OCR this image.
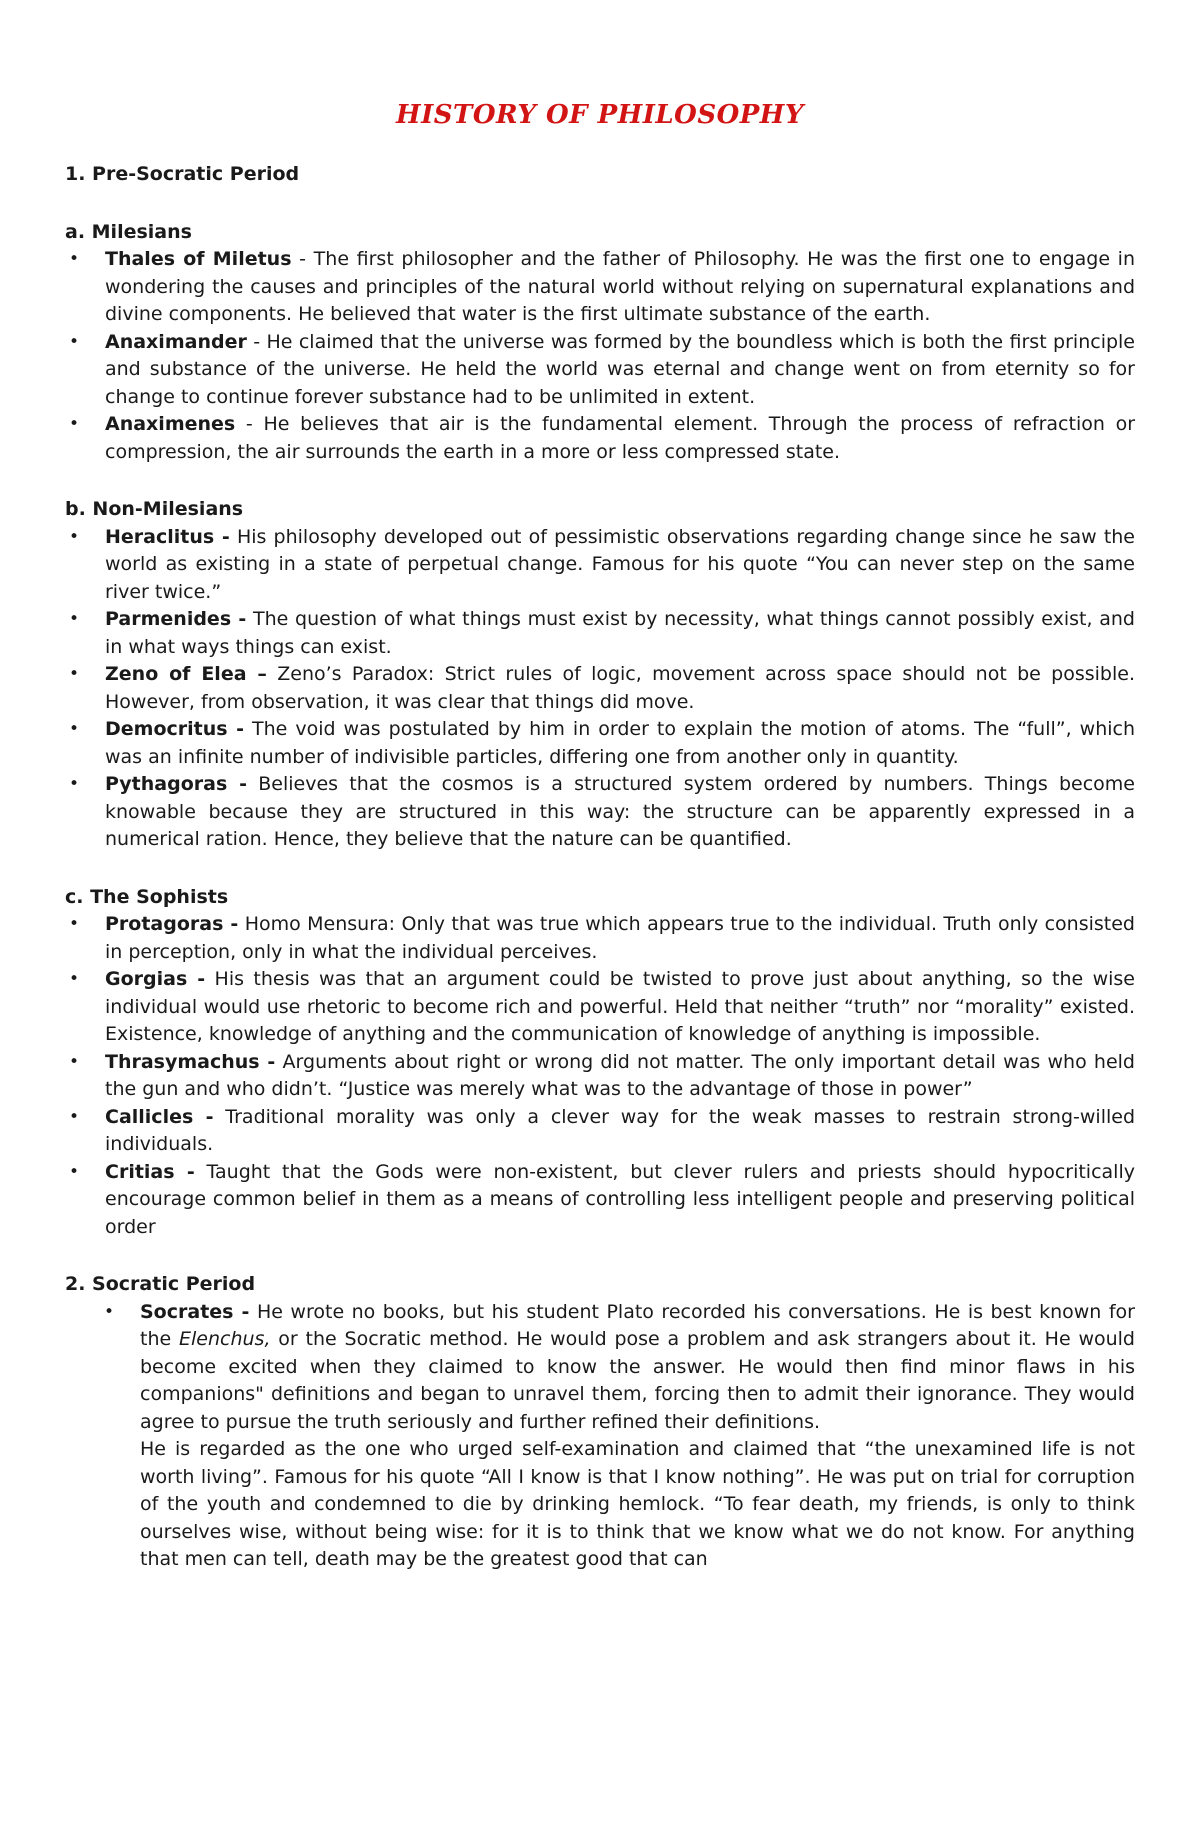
HISTORY OF PHILOSOPHY
1. Pre-Socratic Period
a. Milesians
• Thales of Miletus - The first philosopher and the father of Philosophy. He was the first one to engage in wondering the causes and principles of the natural world without relying on supernatural explanations and divine components. He believed that water is the first ultimate substance of the earth.
• Anaximander - He claimed that the universe was formed by the boundless which is both the first principle and substance of the universe. He held the world was eternal and change went on from eternity so for change to continue forever substance had to be unlimited in extent.
• Anaximenes - He believes that air is the fundamental element. Through the process of refraction or compression, the air surrounds the earth in a more or less compressed state.
b. Non-Milesians
• Heraclitus - His philosophy developed out of pessimistic observations regarding change since he saw the world as existing in a state of perpetual change. Famous for his quote “You can never step on the same river twice.”
• Parmenides - The question of what things must exist by necessity, what things cannot possibly exist, and in what ways things can exist.
• Zeno of Elea – Zeno’s Paradox: Strict rules of logic, movement across space should not be possible. However, from observation, it was clear that things did move.
• Democritus - The void was postulated by him in order to explain the motion of atoms. The “full”, which was an infinite number of indivisible particles, differing one from another only in quantity.
• Pythagoras - Believes that the cosmos is a structured system ordered by numbers. Things become knowable because they are structured in this way: the structure can be apparently expressed in a numerical ration. Hence, they believe that the nature can be quantified.
c. The Sophists
• Protagoras - Homo Mensura: Only that was true which appears true to the individual. Truth only consisted in perception, only in what the individual perceives.
• Gorgias - His thesis was that an argument could be twisted to prove just about anything, so the wise individual would use rhetoric to become rich and powerful. Held that neither “truth” nor “morality” existed. Existence, knowledge of anything and the communication of knowledge of anything is impossible.
• Thrasymachus - Arguments about right or wrong did not matter. The only important detail was who held the gun and who didn’t. “Justice was merely what was to the advantage of those in power”
• Callicles - Traditional morality was only a clever way for the weak masses to restrain strong-willed individuals.
• Critias - Taught that the Gods were non-existent, but clever rulers and priests should hypocritically encourage common belief in them as a means of controlling less intelligent people and preserving political order
2. Socratic Period
• Socrates - He wrote no books, but his student Plato recorded his conversations. He is best known for the Elenchus, or the Socratic method. He would pose a problem and ask strangers about it. He would become excited when they claimed to know the answer. He would then find minor flaws in his companions" definitions and began to unravel them, forcing then to admit their ignorance. They would agree to pursue the truth seriously and further refined their definitions.
He is regarded as the one who urged self-examination and claimed that “the unexamined life is not worth living”. Famous for his quote “All I know is that I know nothing”. He was put on trial for corruption of the youth and condemned to die by drinking hemlock. “To fear death, my friends, is only to think ourselves wise, without being wise: for it is to think that we know what we do not know. For anything that men can tell, death may be the greatest good that can
